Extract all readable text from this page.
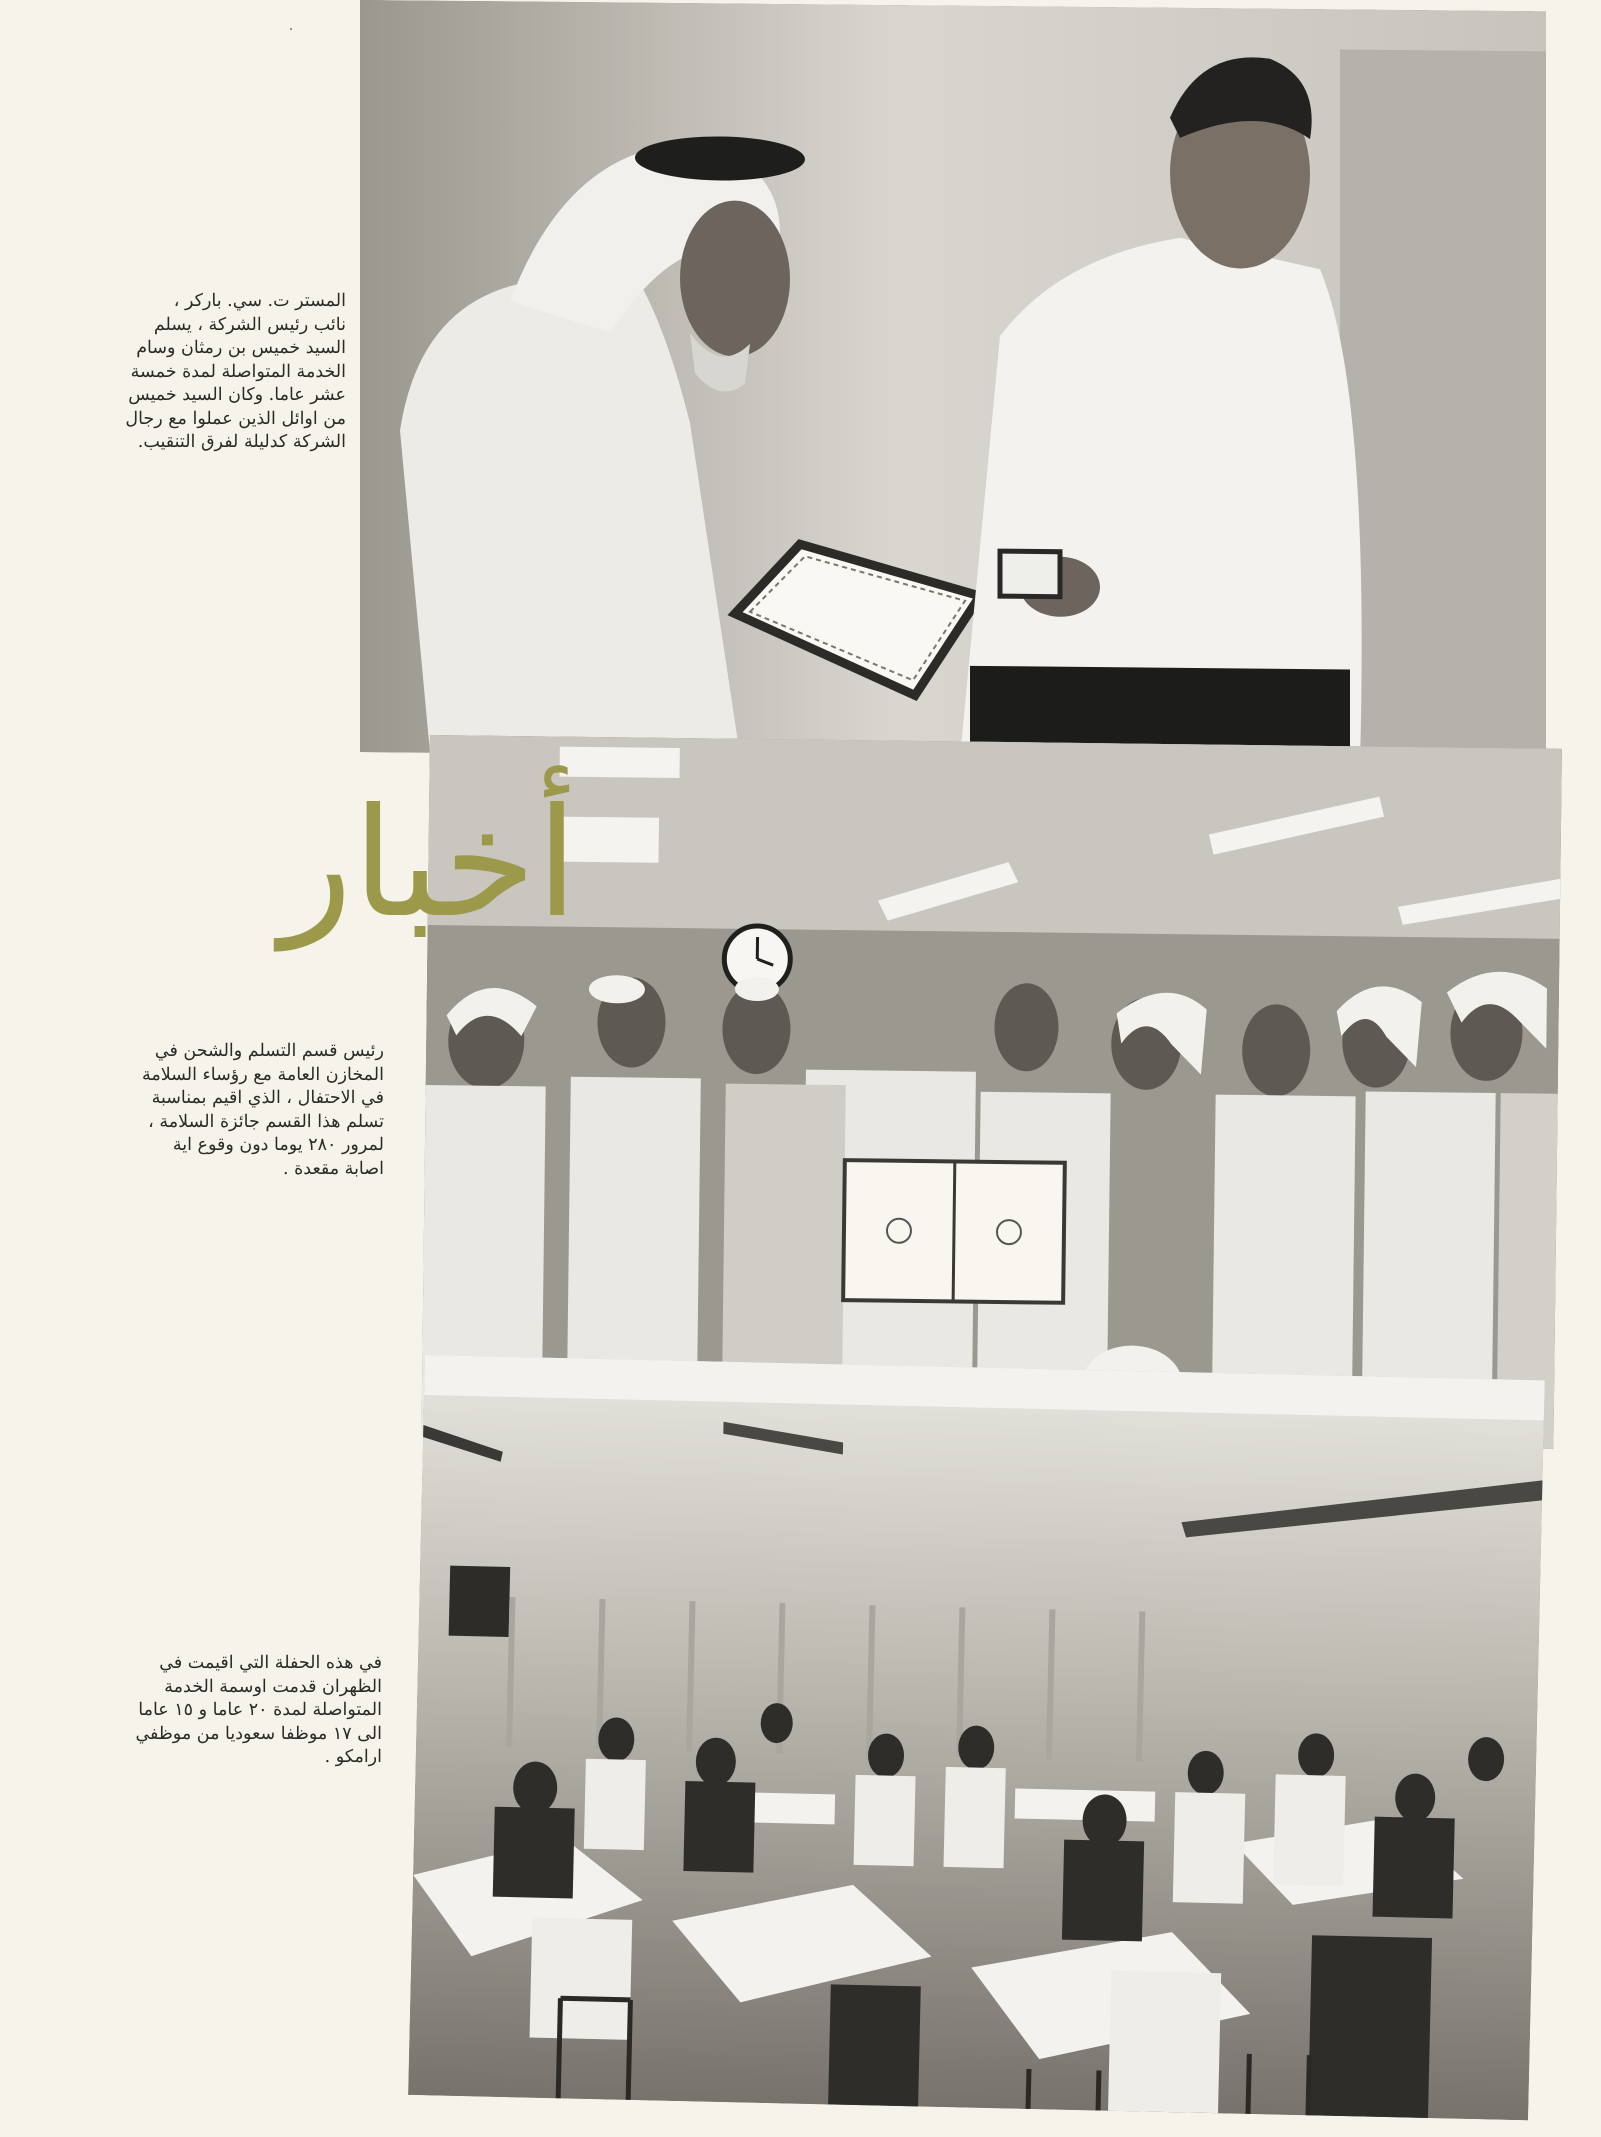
المستر ت. سي. باركر ،

نائب رئيس الشركة ، يسلم

السيد خميس بن رمثان وسام

الخدمة المتواصلة لمدة خمسة

عشر عاما. وكان السيد خميس

من اوائل الذين عملوا مع رجال

الشركة كدليلة لفرق التنقيب.

أخبار

رئيس قسم التسلم والشحن في

المخازن العامة مع رؤساء السلامة

في الاحتفال ، الذي اقيم بمناسبة

تسلم هذا القسم جائزة السلامة ،

لمرور ٢٨٠ يوما دون وقوع اية

اصابة مقعدة .

في هذه الحفلة التي اقيمت في

الظهران قدمت اوسمة الخدمة

المتواصلة لمدة ٢٠ عاما و ١٥ عاما

الى ١٧ موظفا سعوديا من موظفي

ارامكو .
